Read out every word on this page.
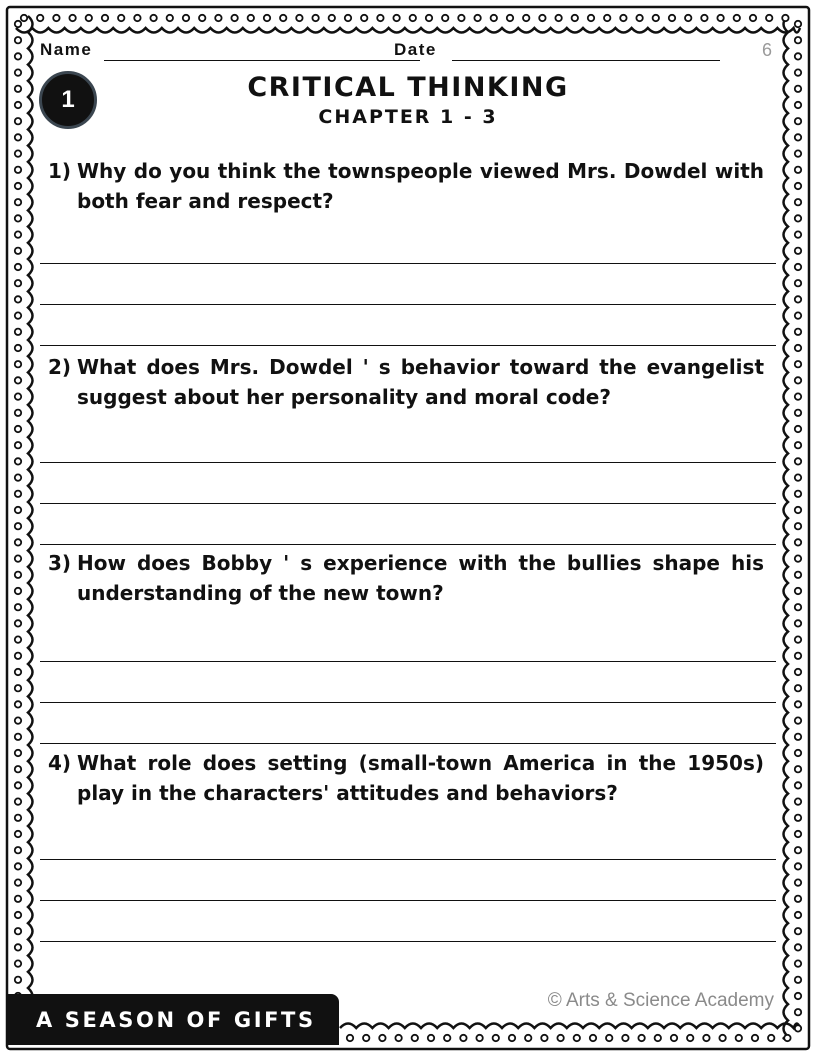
Name	Date	6
1	CRITICAL THINKING
CHAPTER 1 - 3
1) Why do you think the townspeople viewed Mrs. Dowdel with both fear and respect?
2) What does Mrs. Dowdel ' s behavior toward the evangelist suggest about her personality and moral code?
3) How does Bobby ' s experience with the bullies shape his understanding of the new town?
4) What role does setting (small-town America in the 1950s) play in the characters' attitudes and behaviors?
A SEASON OF GIFTS
© Arts & Science Academy
